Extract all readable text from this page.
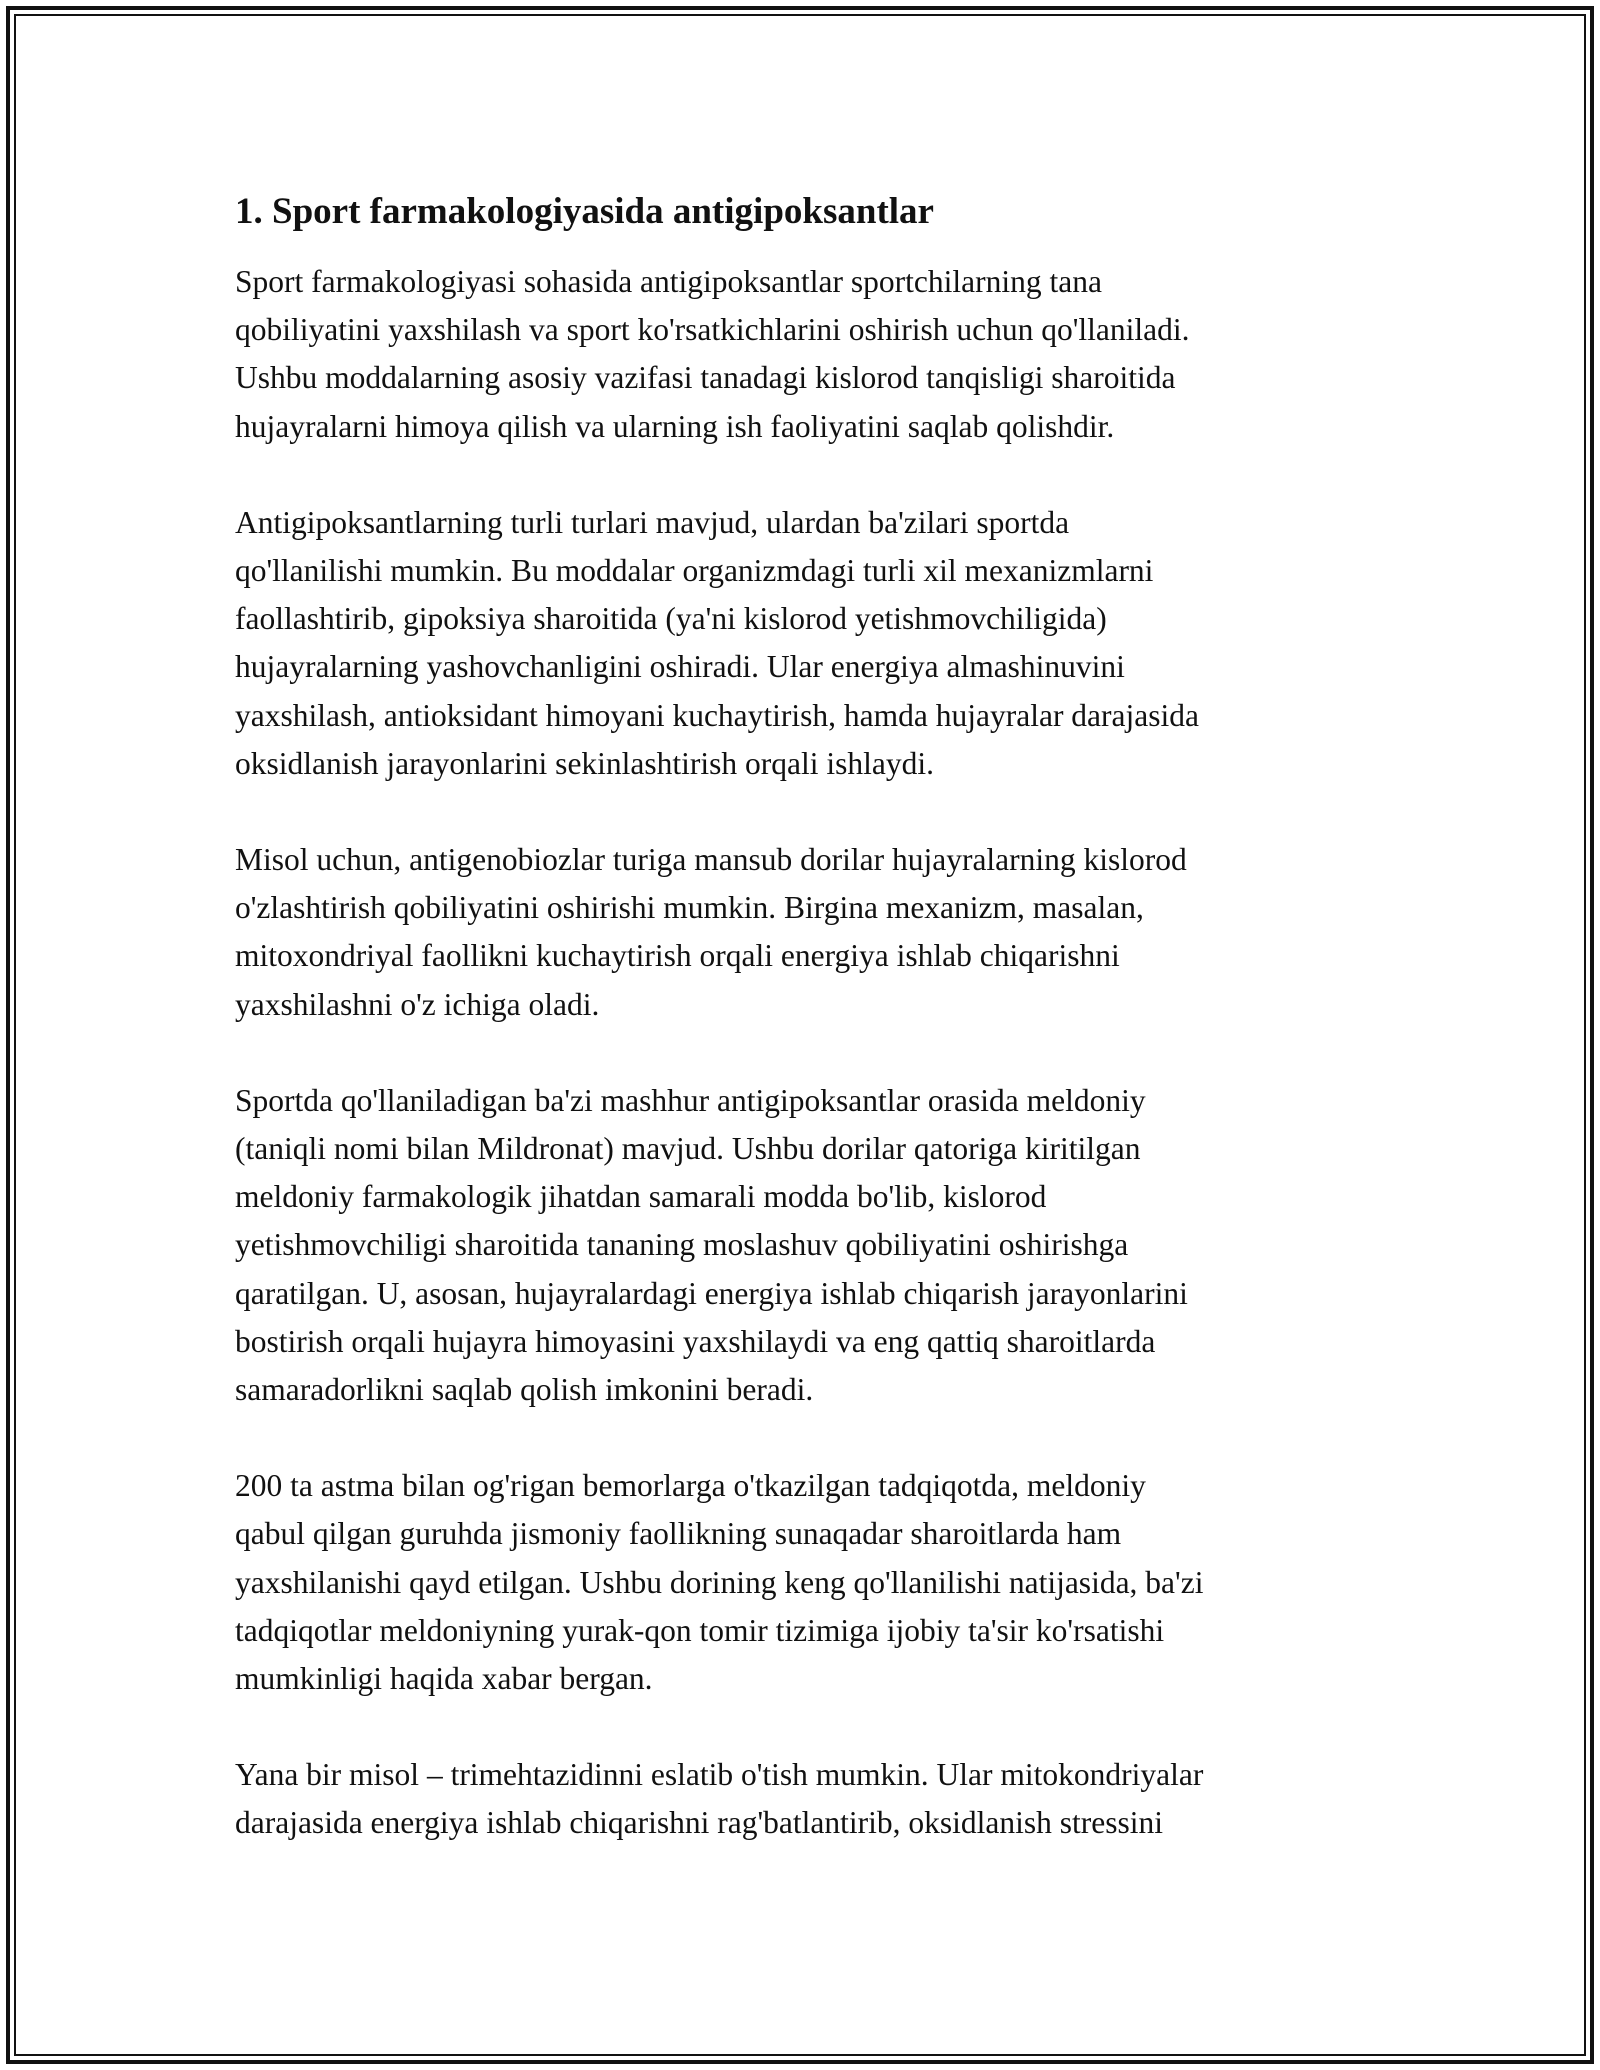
1. Sport farmakologiyasida antigipoksantlar

Sport farmakologiyasi sohasida antigipoksantlar sportchilarning tana
qobiliyatini yaxshilash va sport ko'rsatkichlarini oshirish uchun qo'llaniladi.
Ushbu moddalarning asosiy vazifasi tanadagi kislorod tanqisligi sharoitida
hujayralarni himoya qilish va ularning ish faoliyatini saqlab qolishdir.

Antigipoksantlarning turli turlari mavjud, ulardan ba'zilari sportda
qo'llanilishi mumkin. Bu moddalar organizmdagi turli xil mexanizmlarni
faollashtirib, gipoksiya sharoitida (ya'ni kislorod yetishmovchiligida)
hujayralarning yashovchanligini oshiradi. Ular energiya almashinuvini
yaxshilash, antioksidant himoyani kuchaytirish, hamda hujayralar darajasida
oksidlanish jarayonlarini sekinlashtirish orqali ishlaydi.

Misol uchun, antigenobiozlar turiga mansub dorilar hujayralarning kislorod
o'zlashtirish qobiliyatini oshirishi mumkin. Birgina mexanizm, masalan,
mitoxondriyal faollikni kuchaytirish orqali energiya ishlab chiqarishni
yaxshilashni o'z ichiga oladi.

Sportda qo'llaniladigan ba'zi mashhur antigipoksantlar orasida meldoniy
(taniqli nomi bilan Mildronat) mavjud. Ushbu dorilar qatoriga kiritilgan
meldoniy farmakologik jihatdan samarali modda bo'lib, kislorod
yetishmovchiligi sharoitida tananing moslashuv qobiliyatini oshirishga
qaratilgan. U, asosan, hujayralardagi energiya ishlab chiqarish jarayonlarini
bostirish orqali hujayra himoyasini yaxshilaydi va eng qattiq sharoitlarda
samaradorlikni saqlab qolish imkonini beradi.

200 ta astma bilan og'rigan bemorlarga o'tkazilgan tadqiqotda, meldoniy
qabul qilgan guruhda jismoniy faollikning sunaqadar sharoitlarda ham
yaxshilanishi qayd etilgan. Ushbu dorining keng qo'llanilishi natijasida, ba'zi
tadqiqotlar meldoniyning yurak-qon tomir tizimiga ijobiy ta'sir ko'rsatishi
mumkinligi haqida xabar bergan.

Yana bir misol – trimehtazidinni eslatib o'tish mumkin. Ular mitokondriyalar
darajasida energiya ishlab chiqarishni rag'batlantirib, oksidlanish stressini
